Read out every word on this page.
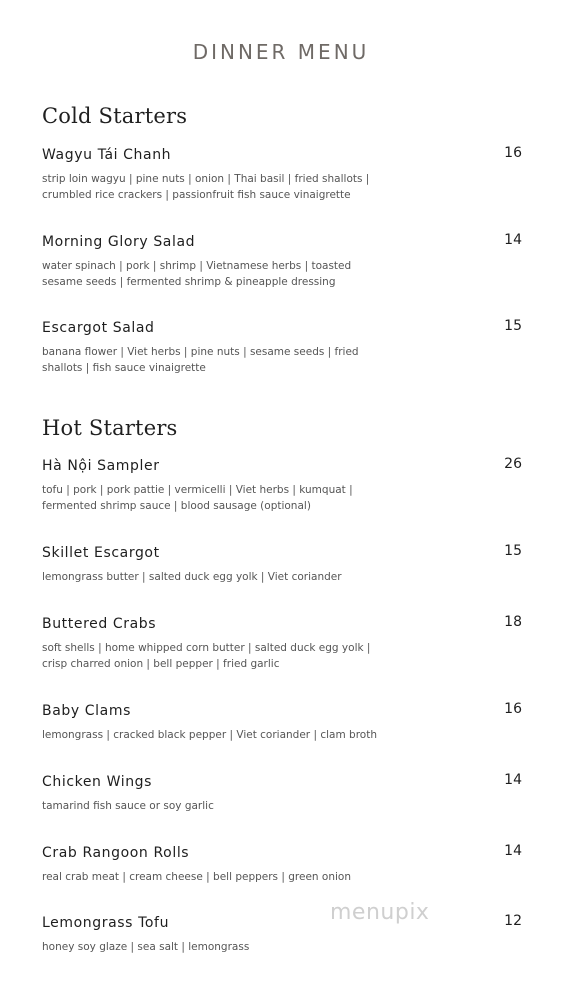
DINNER MENU
Cold Starters
Wagyu Tái Chanh	16
strip loin wagyu | pine nuts | onion | Thai basil | fried shallots | crumbled rice crackers | passionfruit fish sauce vinaigrette
Morning Glory Salad	14
water spinach | pork | shrimp | Vietnamese herbs | toasted sesame seeds | fermented shrimp & pineapple dressing
Escargot Salad	15
banana flower | Viet herbs | pine nuts | sesame seeds | fried shallots | fish sauce vinaigrette
Hot Starters
Hà Nội Sampler	26
tofu | pork | pork pattie | vermicelli | Viet herbs | kumquat | fermented shrimp sauce | blood sausage (optional)
Skillet Escargot	15
lemongrass butter | salted duck egg yolk | Viet coriander
Buttered Crabs	18
soft shells | home whipped corn butter | salted duck egg yolk | crisp charred onion | bell pepper | fried garlic
Baby Clams	16
lemongrass | cracked black pepper | Viet coriander | clam broth
Chicken Wings	14
tamarind fish sauce or soy garlic
Crab Rangoon Rolls	14
real crab meat | cream cheese | bell peppers | green onion
Lemongrass Tofu	12
honey soy glaze | sea salt | lemongrass
menupix
